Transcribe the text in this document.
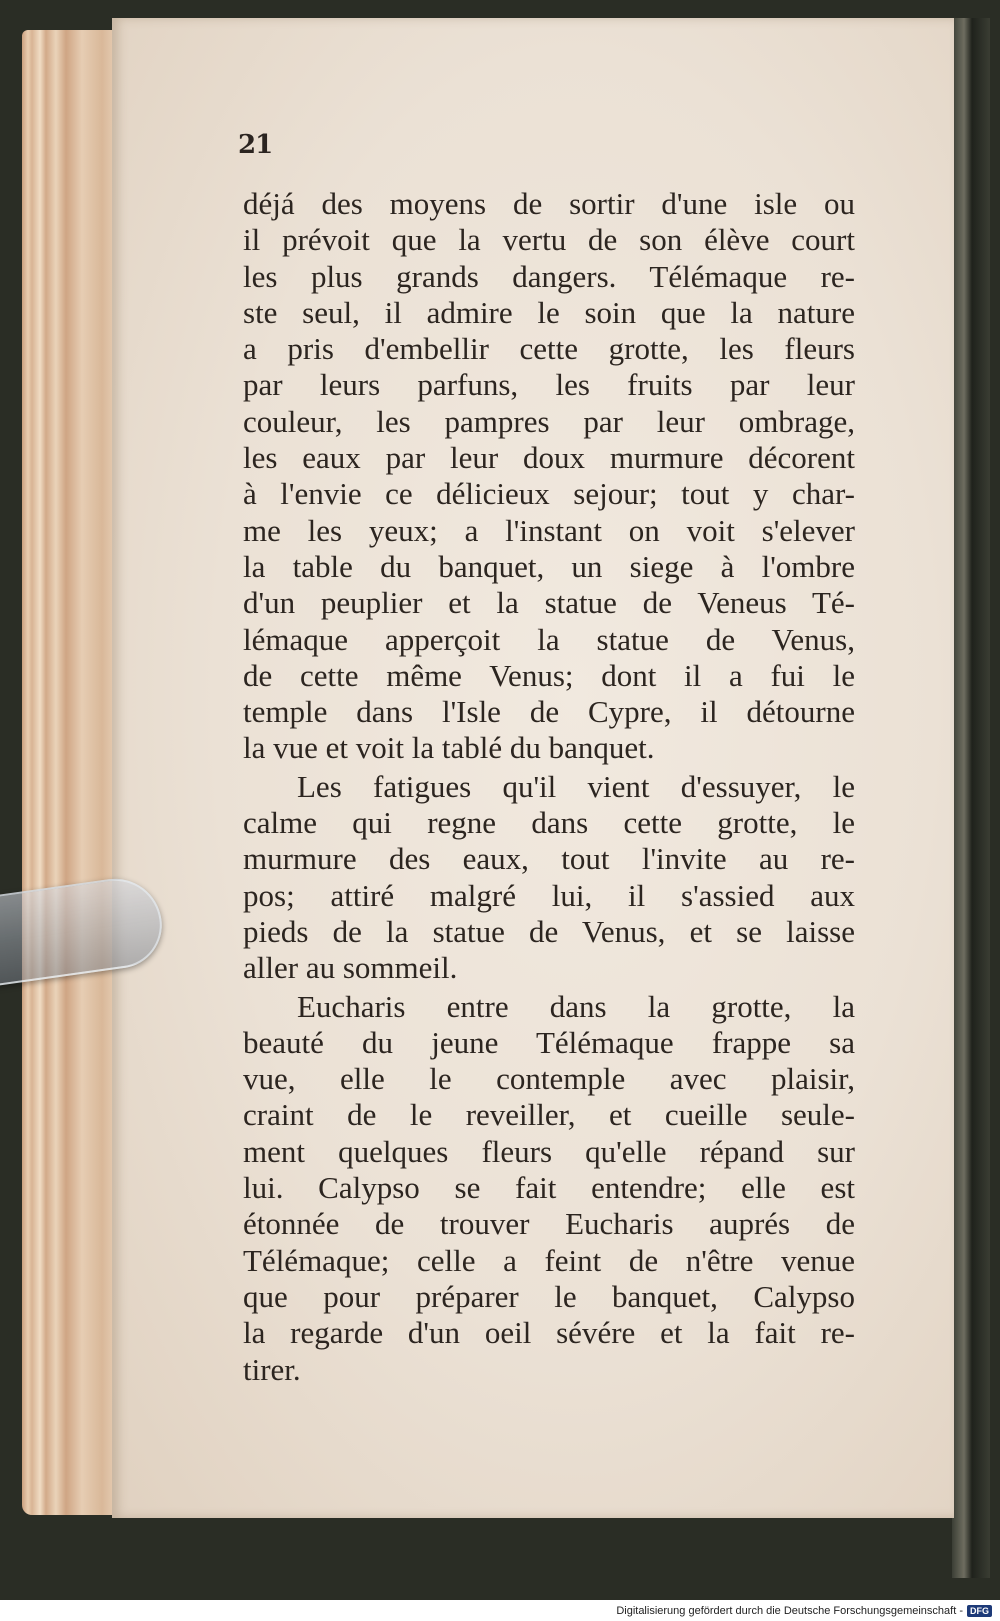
21
déjá des moyens de sortir d'une isle ou
il prévoit que la vertu de son élève court
les plus grands dangers. Télémaque re-
ste seul, il admire le soin que la nature
a pris d'embellir cette grotte, les fleurs
par leurs parfuns, les fruits par leur
couleur, les pampres par leur ombrage,
les eaux par leur doux murmure décorent
à l'envie ce délicieux sejour; tout y char-
me les yeux; a l'instant on voit s'elever
la table du banquet, un siege à l'ombre
d'un peuplier et la statue de Veneus Té-
lémaque apperçoit la statue de Venus,
de cette même Venus; dont il a fui le
temple dans l'Isle de Cypre, il détourne
la vue et voit la tablé du banquet.
Les fatigues qu'il vient d'essuyer, le
calme qui regne dans cette grotte, le
murmure des eaux, tout l'invite au re-
pos; attiré malgré lui, il s'assied aux
pieds de la statue de Venus, et se laisse
aller au sommeil.
Eucharis entre dans la grotte, la
beauté du jeune Télémaque frappe sa
vue, elle le contemple avec plaisir,
craint de le reveiller, et cueille seule-
ment quelques fleurs qu'elle répand sur
lui. Calypso se fait entendre; elle est
étonnée de trouver Eucharis auprés de
Télémaque; celle a feint de n'être venue
que pour préparer le banquet, Calypso
la regarde d'un oeil sévére et la fait re-
tirer.
Digitalisierung gefördert durch die Deutsche Forschungsgemeinschaft - DFG
